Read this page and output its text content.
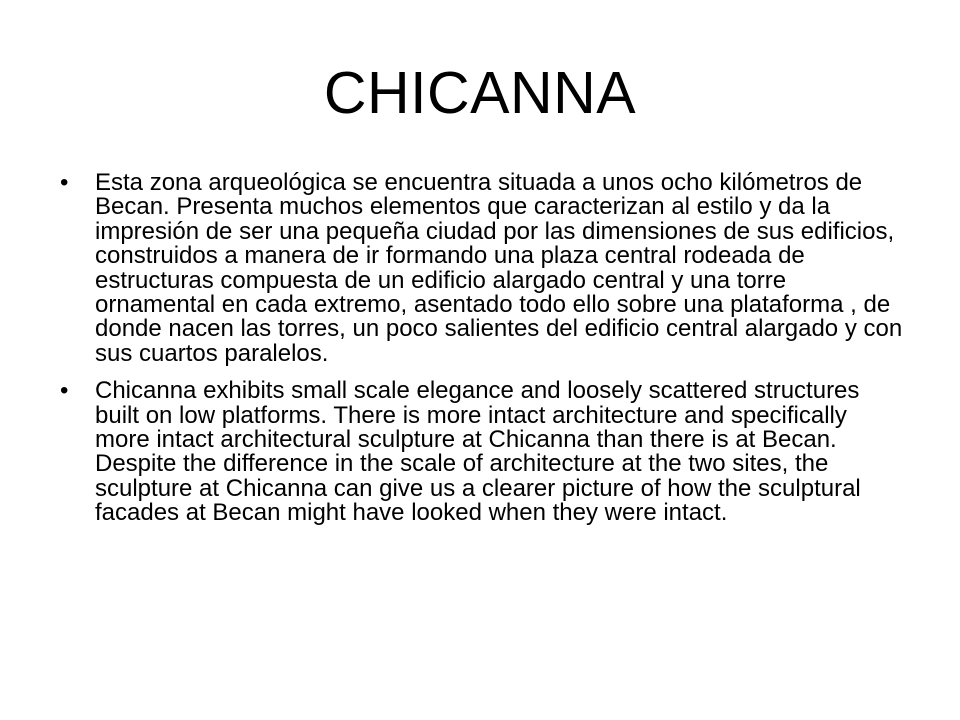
CHICANNA
• Esta zona arqueológica se encuentra situada a unos ocho kilómetros de Becan. Presenta muchos elementos que caracterizan al estilo y da la impresión de ser una pequeña ciudad por las dimensiones de sus edificios, construidos a manera de ir formando una plaza central rodeada de estructuras compuesta de un edificio alargado central y una torre ornamental en cada extremo, asentado todo ello sobre una plataforma , de donde nacen las torres, un poco salientes del edificio central alargado y con sus cuartos paralelos.
• Chicanna exhibits small scale elegance and loosely scattered structures built on low platforms. There is more intact architecture and specifically more intact architectural sculpture at Chicanna than there is at Becan. Despite the difference in the scale of architecture at the two sites, the sculpture at Chicanna can give us a clearer picture of how the sculptural facades at Becan might have looked when they were intact.
